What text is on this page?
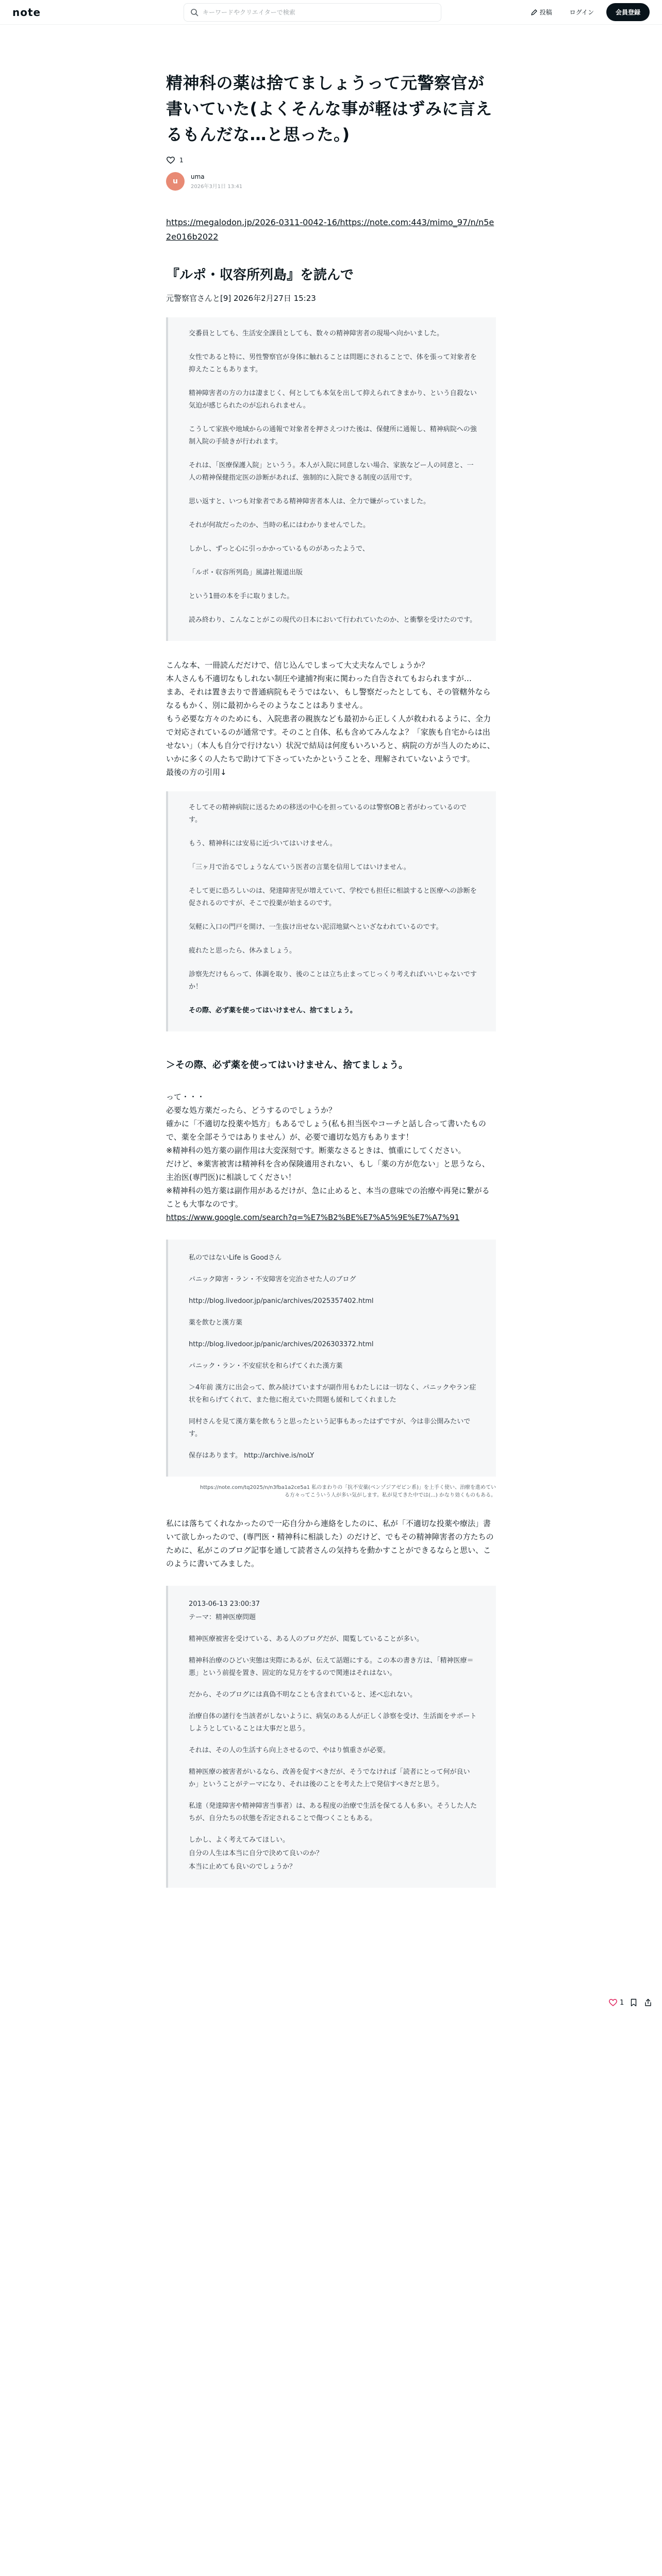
note
キーワードやクリエイターで検索	投稿	ログイン	会員登録
精神科の薬は捨てましょうって元警察官が書いていた(よくそんな事が軽はずみに言えるもんだな…と思った。)
1
u
uma
2026年3月1日 13:41
https://megalodon.jp/2026-0311-0042-16/https://note.com:443/mimo_97/n/n5e2e016b2022
『ルポ・収容所列島』を読んで
元警察官さんと[9] 2026年2月27日 15:23

交番員としても、生活安全課員としても、数々の精神障害者の現場へ向かいました。

女性であると特に、男性警察官が身体に触れることは問題にされることで、体を張って対象者を抑えたこともあります。

精神障害者の方の力は凄まじく、何としても本気を出して抑えられてきまかり、という自殺ない気迫が感じられたのが忘れられません。

こうして家族や地域からの通報で対象者を押さえつけた後は、保健所に通報し、精神病院への強制入院の手続きが行われます。

それは、「医療保護入院」というう。本人が入院に同意しない場合、家族などー人の同意と、一人の精神保健指定医の診断があれば、強制的に入院できる制度の活用です。

思い返すと、いつも対象者である精神障害者本人は、全力で嫌がっていました。

それが何故だったのか、当時の私にはわかりませんでした。

しかし、ずっと心に引っかかっているものがあったようで、

「ルポ・収容所列島」風濤社報道出版

という1冊の本を手に取りました。

読み終わり、こんなことがこの現代の日本において行われていたのか、と衝撃を受けたのです。

こんな本、一冊読んだだけで、信じ込んでしまって大丈夫なんでしょうか？
本人さんも不適切なもしれない制圧や逮捕?拘束に関わった自告されてもおられますが…
まあ、それは置き去りで普通病院もそうではない、もし警察だったとしても、その管轄外ならなるもかく、別に最初からそのようなことはありません。
もう必要な方々のためにも、入院患者の親族なども最初から正しく人が救われるように、全力で対応されているのが通常です。そのこと自体、私も含めてみんなよ？「家族も自宅からは出せない」（本人も自分で行けない）状況で結局は何度もいろいろと、病院の方が当人のために、いかに多くの人たちで助けて下さっていたかということを、理解されていないようです。
最後の方の引用↓

そしてその精神病院に送るための移送の中心を担っているのは警察OBと者がわっているのです。

もう、精神科には安易に近づいてはいけません。

「三ヶ月で治るでしょうなんていう医者の言葉を信用してはいけません。

そして更に恐ろしいのは、発達障害児が増えていて、学校でも担任に相談すると医療への診断を促されるのですが、そこで投薬が始まるのです。

気軽に入口の門戸を開け、一生抜け出せない泥沼地獄へといざなわれているのです。

疲れたと思ったら、休みましょう。

診察先だけもらって、体調を取り、後のことは立ち止まってじっくり考えればいいじゃないですか！

その際、必ず薬を使ってはいけません、捨てましょう。

＞その際、必ず薬を使ってはいけません、捨てましょう。
って・・・
必要な処方薬だったら、どうするのでしょうか？
確かに「不適切な投薬や処方」もあるでしょう(私も担当医やコーチと話し合って書いたもので、薬を全部そうではありません）が、必要で適切な処方もあります！
※精神科の処方薬の副作用は大変深刻です。断薬なさるときは、慎重にしてください。
だけど、※薬害被害は精神科を含め保険適用されない、もし「薬の方が危ない」と思うなら、主治医(専門医)に相談してください！
※精神科の処方薬は副作用があるだけが、急に止めると、本当の意味での治療や再発に繋がることも大事なのです。
https://www.google.com/search?q=%E7%B2%BE%E7%A5%9E%E7%A7%91

私のではないLife is Goodさん

パニック障害・ラン・不安障害を完治させた人のブログ

http://blog.livedoor.jp/panic/archives/2025357402.html

薬を飲むと漢方薬

http://blog.livedoor.jp/panic/archives/2026303372.html

パニック・ラン・不安症状を和らげてくれた漢方薬

＞4年前 漢方に出会って、飲み続けていますが副作用もわたしには一切なく、パニックやラン症状を和らげてくれて、また他に抱えていた問題も緩和してくれました

同村さんを見て漢方薬を飲もうと思ったという記事もあったはずですが、今は非公開みたいです。

保存はあります。 http://archive.is/noLY

https://note.com/tq2025/n/n3fba1a2ce5a1 私のまわりの「抗不安薬(ベンゾジアゼピン系)」を上手く使い、治療を進めている方々ってこういう人が多い気がします。私が見てきた中では(…) かなり効くものもある。
私には落ちてくれなかったので一応自分から連絡をしたのに、私が「不適切な投薬や療法」書いて欲しかったので、(専門医・精神科に相談した）のだけど、でもその精神障害者の方たちのために、私がこのブログ記事を通して読者さんの気持ちを動かすことができるならと思い、このように書いてみました。

2013-06-13 23:00:37

テーマ：精神医療問題

精神医療被害を受けている、ある人のブログだが、閲覧していることが多い。

精神科治療のひどい実態は実際にあるが、伝えて話題にする。この本の書き方は、「精神医療＝悪」という前提を置き、固定的な見方をするので関連はそれはない。

だから、そのブログには真偽不明なことも含まれていると、述べ忘れない。

治療自体の諸行を当該者がしないように、病気のある人が正しく診察を受け、生活面をサポートしようとしていることは大事だと思う。

それは、その人の生活すら向上させるので、やはり慎重さが必要。

精神医療の被害者がいるなら、改善を促すべきだが、そうでなければ「読者にとって何が良いか」ということがテーマになり、それは後のことを考えた上で発信すべきだと思う。

私達（発達障害や精神障害当事者）は、ある程度の治療で生活を保てる人も多い。そうした人たちが、自分たちの状態を否定されることで傷つくこともある。

しかし、よく考えてみてほしい。

自分の人生は本当に自分で決めて良いのか？

本当に止めても良いのでしょうか？

1
